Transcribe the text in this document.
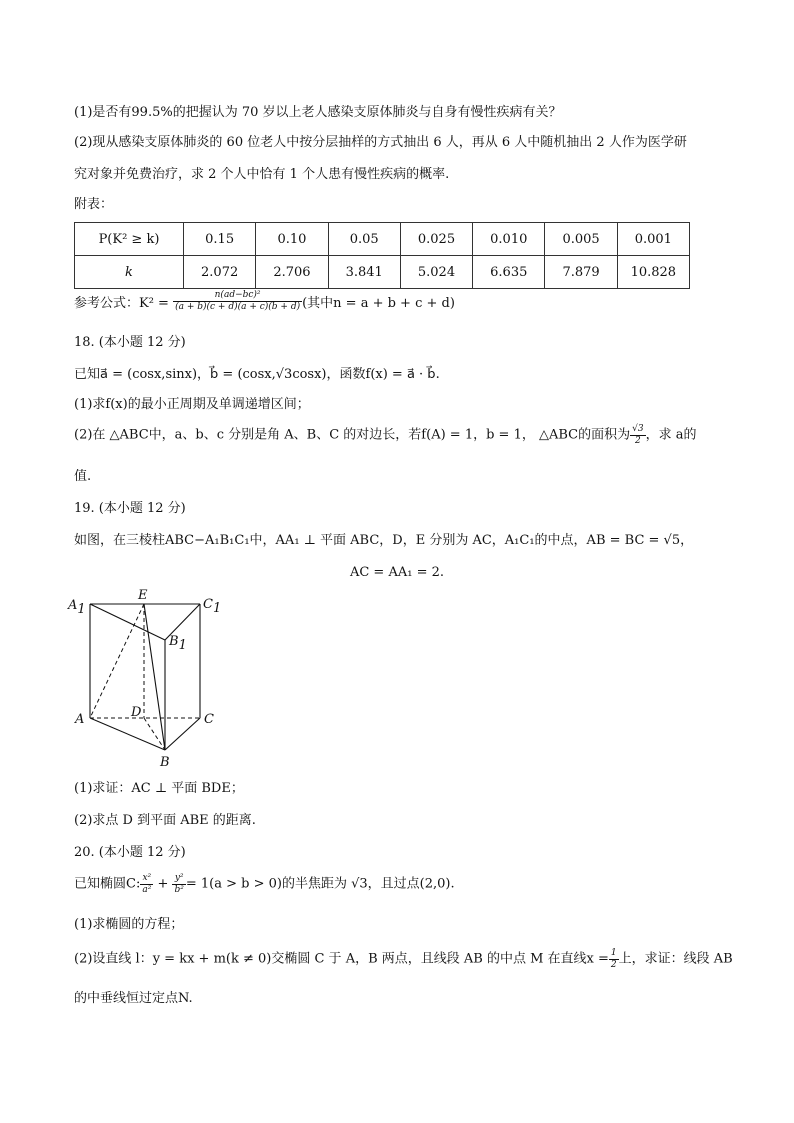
(1)是否有99.5%的把握认为 70 岁以上老人感染支原体肺炎与自身有慢性疾病有关？
(2)现从感染支原体肺炎的 60 位老人中按分层抽样的方式抽出 6 人，再从 6 人中随机抽出 2 人作为医学研
究对象并免费治疗，求 2 个人中恰有 1 个人患有慢性疾病的概率.
附表：
P(K² ≥ k)	0.15	0.10	0.05	0.025	0.010	0.005	0.001
k	2.072	2.706	3.841	5.024	6.635	7.879	10.828
参考公式：$K^2 = \frac{\text{n(ad−bc)²}}{(a + b)(c + d)(a + c)(b + d)}$ (其中n = a + b + c + d)
18. (本小题 12 分)
已知a⃗ = (cosx,sinx)，b⃗ = (cosx,√3cosx)，函数f(x) = a⃗ · b⃗.
(1)求f(x)的最小正周期及单调递增区间；
(2)在 △ABC中，a、b、c 分别是角 A、B、C 的对边长，若f(A) = 1，b = 1， △ABC的面积为 $\frac{√3}{2}$ ，求 a的
值.
19. (本小题 12 分)
如图，在三棱柱ABC−A₁B₁C₁中，AA₁ ⊥ 平面 ABC，D，E 分别为 AC，A₁C₁的中点，AB = BC = √5，
AC = AA₁ = 2.
A1
E
C1
B1
A	D	C
B
(1)求证：AC ⊥ 平面 BDE；
(2)求点 D 到平面 ABE 的距离.
20. (本小题 12 分)
已知椭圆C: $\frac{\text{x²}}{\text{a²}} + \frac{\text{y²}}{\text{b²}} = 1(a > b > 0)$的半焦距为 √3，且过点(2,0).
(1)求椭圆的方程；
(2)设直线 l：y = kx + m(k ≠ 0)交椭圆 C 于 A，B 两点，且线段 AB 的中点 M 在直线$x = \frac{1}{2}$ 上，求证：线段 AB
的中垂线恒过定点N.
